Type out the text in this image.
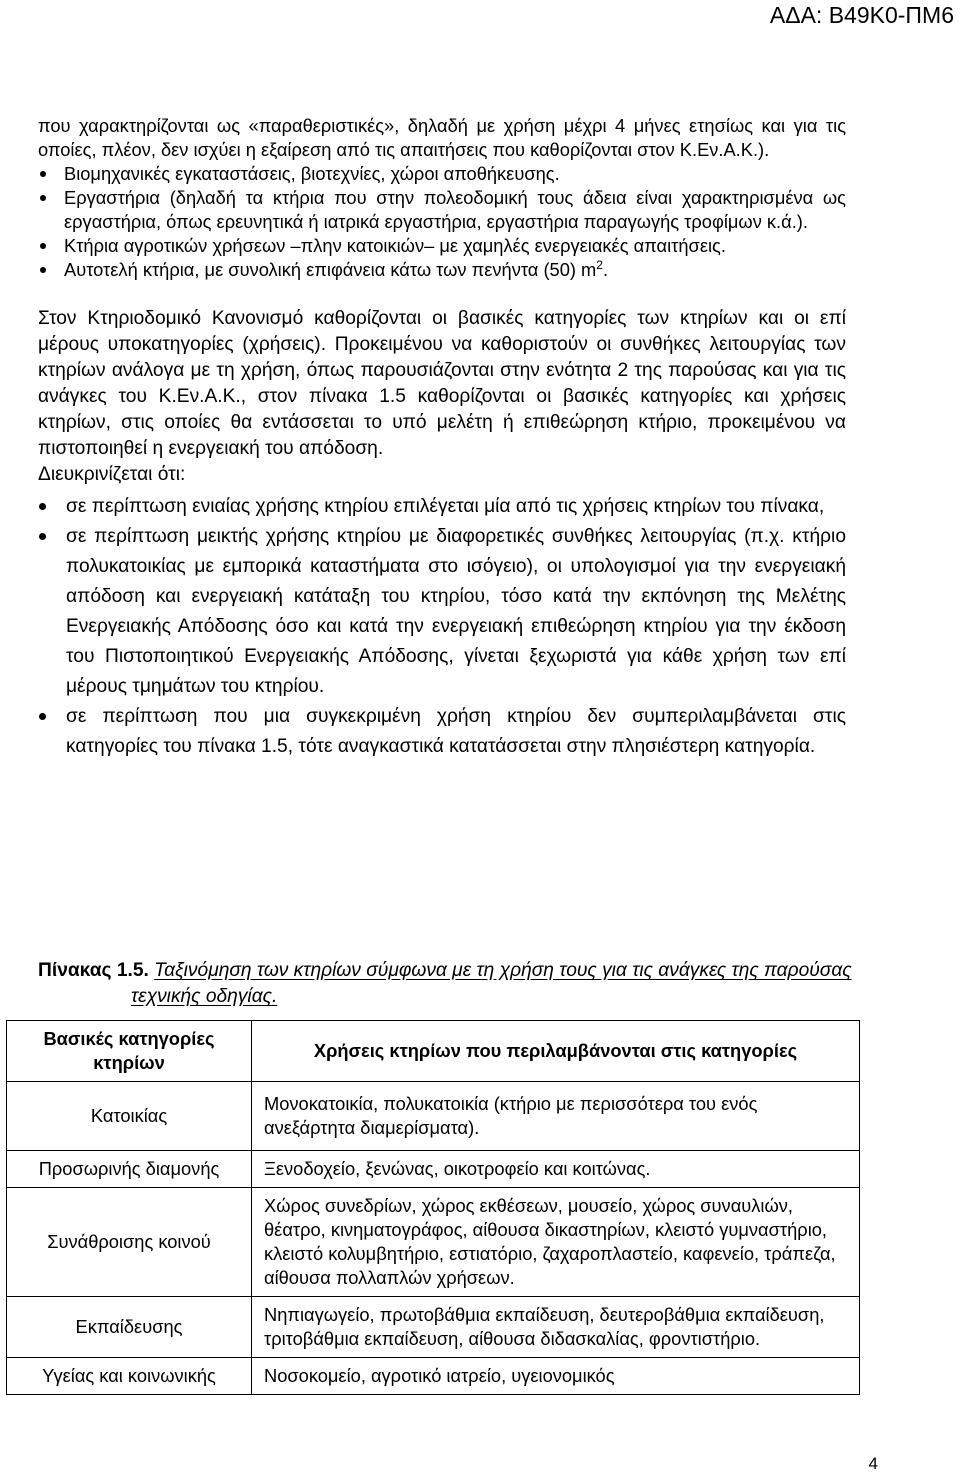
ΑΔΑ: Β49Κ0-ΠΜ6

που χαρακτηρίζονται ως «παραθεριστικές», δηλαδή με χρήση μέχρι 4 μήνες ετησίως και για τις οποίες, πλέον, δεν ισχύει η εξαίρεση από τις απαιτήσεις που καθορίζονται στον Κ.Εν.Α.Κ.).

Βιομηχανικές εγκαταστάσεις, βιοτεχνίες, χώροι αποθήκευσης.
Εργαστήρια (δηλαδή τα κτήρια που στην πολεοδομική τους άδεια είναι χαρακτηρισμένα ως εργαστήρια, όπως ερευνητικά ή ιατρικά εργαστήρια, εργαστήρια παραγωγής τροφίμων κ.ά.).
Κτήρια αγροτικών χρήσεων –πλην κατοικιών– με χαμηλές ενεργειακές απαιτήσεις.
Αυτοτελή κτήρια, με συνολική επιφάνεια κάτω των πενήντα (50) $m^2$.

Στον Κτηριοδομικό Κανονισμό καθορίζονται οι βασικές κατηγορίες των κτηρίων και οι επί μέρους υποκατηγορίες (χρήσεις). Προκειμένου να καθοριστούν οι συνθήκες λειτουργίας των κτηρίων ανάλογα με τη χρήση, όπως παρουσιάζονται στην ενότητα 2 της παρούσας και για τις ανάγκες του Κ.Εν.Α.Κ., στον πίνακα 1.5 καθορίζονται οι βασικές κατηγορίες και χρήσεις κτηρίων, στις οποίες θα εντάσσεται το υπό μελέτη ή επιθεώρηση κτήριο, προκειμένου να πιστοποιηθεί η ενεργειακή του απόδοση.

Διευκρινίζεται ότι:

σε περίπτωση ενιαίας χρήσης κτηρίου επιλέγεται μία από τις χρήσεις κτηρίων του πίνακα,
σε περίπτωση μεικτής χρήσης κτηρίου με διαφορετικές συνθήκες λειτουργίας (π.χ. κτήριο πολυκατοικίας με εμπορικά καταστήματα στο ισόγειο), οι υπολογισμοί για την ενεργειακή απόδοση και ενεργειακή κατάταξη του κτηρίου, τόσο κατά την εκπόνηση της Μελέτης Ενεργειακής Απόδοσης όσο και κατά την ενεργειακή επιθεώρηση κτηρίου για την έκδοση του Πιστοποιητικού Ενεργειακής Απόδοσης, γίνεται ξεχωριστά για κάθε χρήση των επί μέρους τμημάτων του κτηρίου.
σε περίπτωση που μια συγκεκριμένη χρήση κτηρίου δεν συμπεριλαμβάνεται στις κατηγορίες του πίνακα 1.5, τότε αναγκαστικά κατατάσσεται στην πλησιέστερη κατηγορία.
Πίνακας 1.5. Ταξινόμηση των κτηρίων σύμφωνα με τη χρήση τους για τις ανάγκες της παρούσας τεχνικής οδηγίας.
Βασικές κατηγορίες κτηρίων	Χρήσεις κτηρίων που περιλαμβάνονται στις κατηγορίες
Κατοικίας	Μονοκατοικία, πολυκατοικία (κτήριο με περισσότερα του ενός ανεξάρτητα διαμερίσματα).
Προσωρινής διαμονής	Ξενοδοχείο, ξενώνας, οικοτροφείο και κοιτώνας.
Συνάθροισης κοινού	Χώρος συνεδρίων, χώρος εκθέσεων, μουσείο, χώρος συναυλιών, θέατρο, κινηματογράφος, αίθουσα δικαστηρίων, κλειστό γυμναστήριο, κλειστό κολυμβητήριο, εστιατόριο, ζαχαροπλαστείο, καφενείο, τράπεζα, αίθουσα πολλαπλών χρήσεων.
Εκπαίδευσης	Νηπιαγωγείο, πρωτοβάθμια εκπαίδευση, δευτεροβάθμια εκπαίδευση, τριτοβάθμια εκπαίδευση, αίθουσα διδασκαλίας, φροντιστήριο.
Υγείας και κοινωνικής	Νοσοκομείο, αγροτικό ιατρείο, υγειονομικός
4
